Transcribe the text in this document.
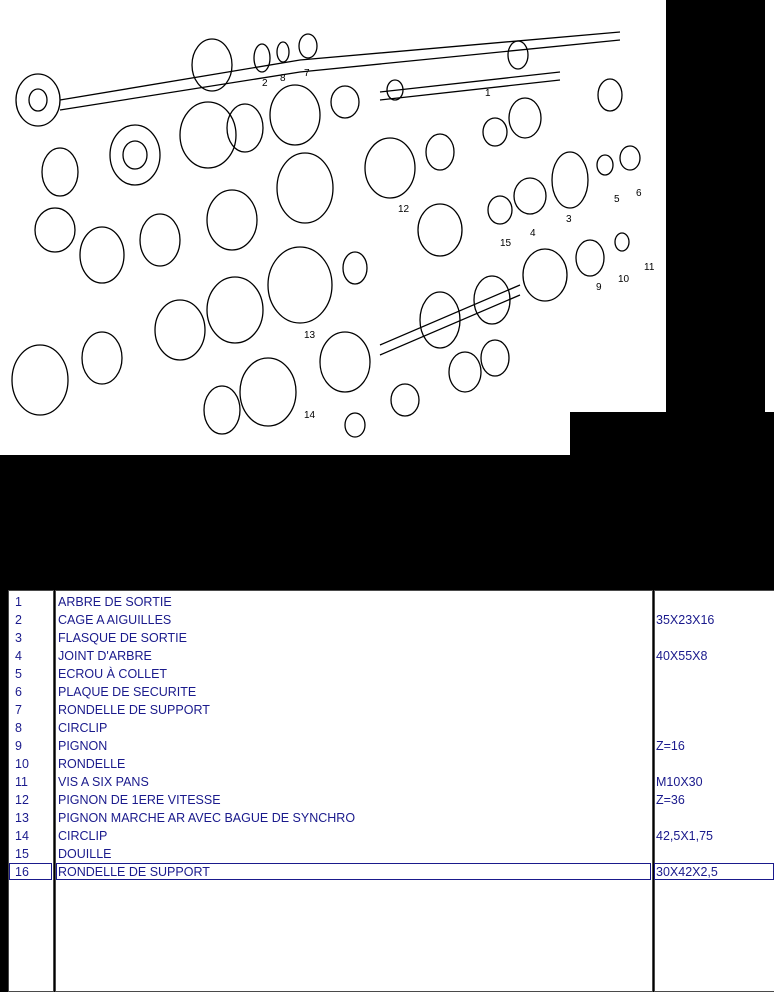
1
2
3
4
5
6
7
8
9
10
11
12
13
14
15
1	ARBRE DE SORTIE
2	CAGE A AIGUILLES	35X23X16
3	FLASQUE DE SORTIE
4	JOINT D'ARBRE	40X55X8
5	ECROU À COLLET
6	PLAQUE DE SECURITE
7	RONDELLE DE SUPPORT
8	CIRCLIP
9	PIGNON	Z=16
10 RONDELLE
11 VIS A SIX PANS	M10X30
12 PIGNON DE 1ERE VITESSE	Z=36
13 PIGNON MARCHE AR AVEC BAGUE DE SYNCHRO
14 CIRCLIP	42,5X1,75
15 DOUILLE
16 RONDELLE DE SUPPORT	30X42X2,5
